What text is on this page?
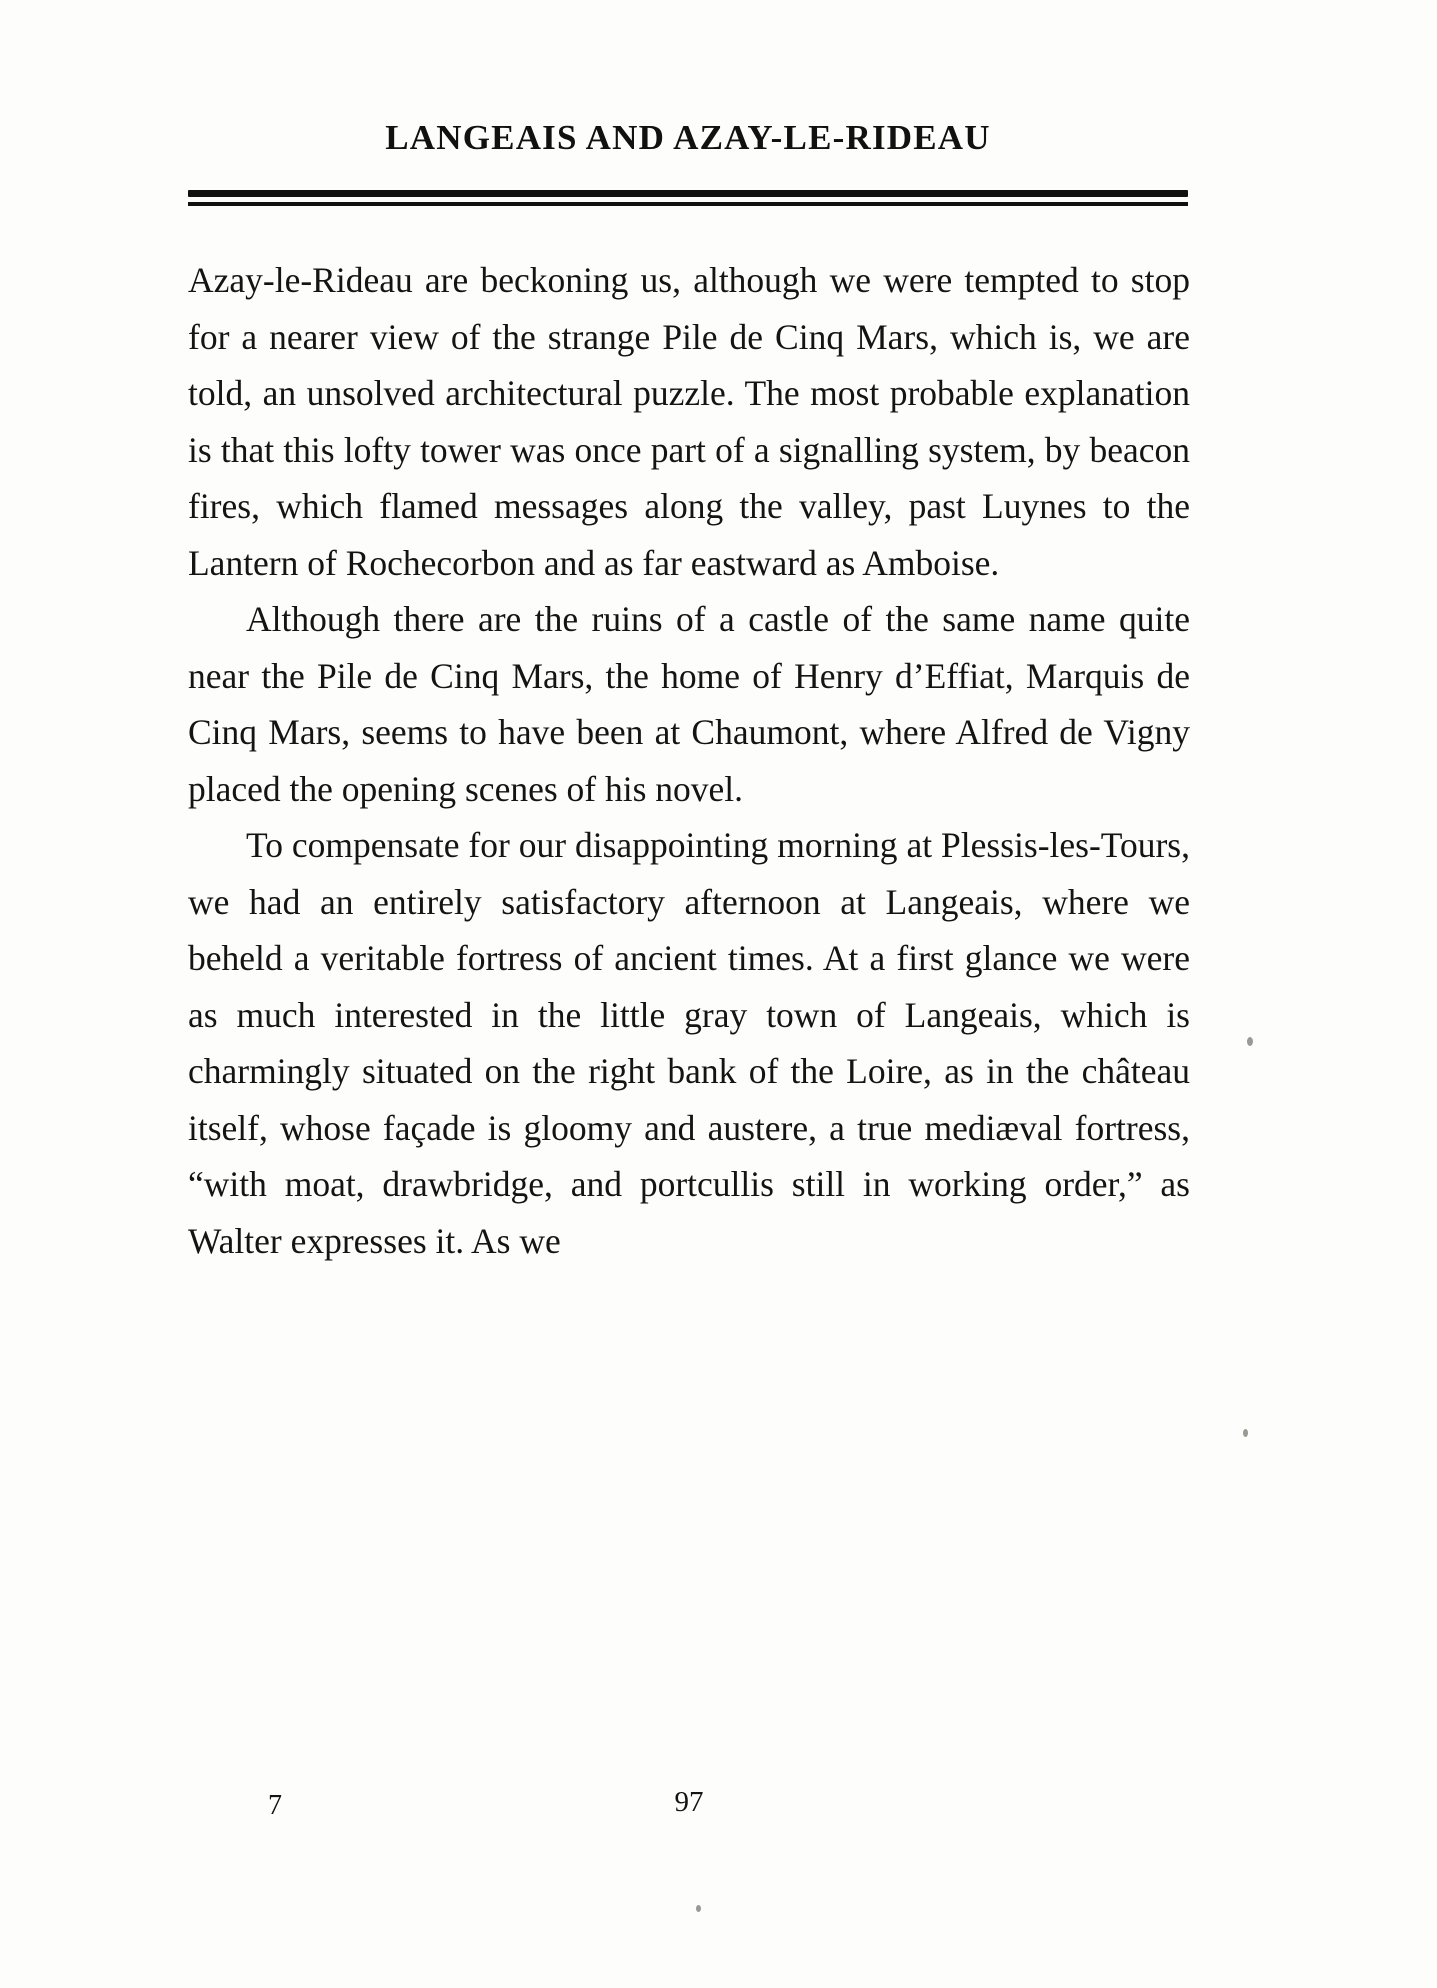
LANGEAIS AND AZAY-LE-RIDEAU

Azay-le-Rideau are beckoning us, although we were tempted to stop for a nearer view of the strange Pile de Cinq Mars, which is, we are told, an unsolved architectural puzzle. The most probable explanation is that this lofty tower was once part of a signalling system, by beacon fires, which flamed messages along the valley, past Luynes to the Lantern of Rochecorbon and as far eastward as Amboise.

Although there are the ruins of a castle of the same name quite near the Pile de Cinq Mars, the home of Henry d’Effiat, Marquis de Cinq Mars, seems to have been at Chaumont, where Alfred de Vigny placed the opening scenes of his novel.

To compensate for our disappointing morning at Plessis-les-Tours, we had an entirely satisfactory afternoon at Langeais, where we beheld a veritable fortress of ancient times. At a first glance we were as much interested in the little gray town of Langeais, which is charmingly situated on the right bank of the Loire, as in the château itself, whose façade is gloomy and austere, a true mediæval fortress, “with moat, drawbridge, and portcullis still in working order,” as Walter expresses it. As we

7	97
